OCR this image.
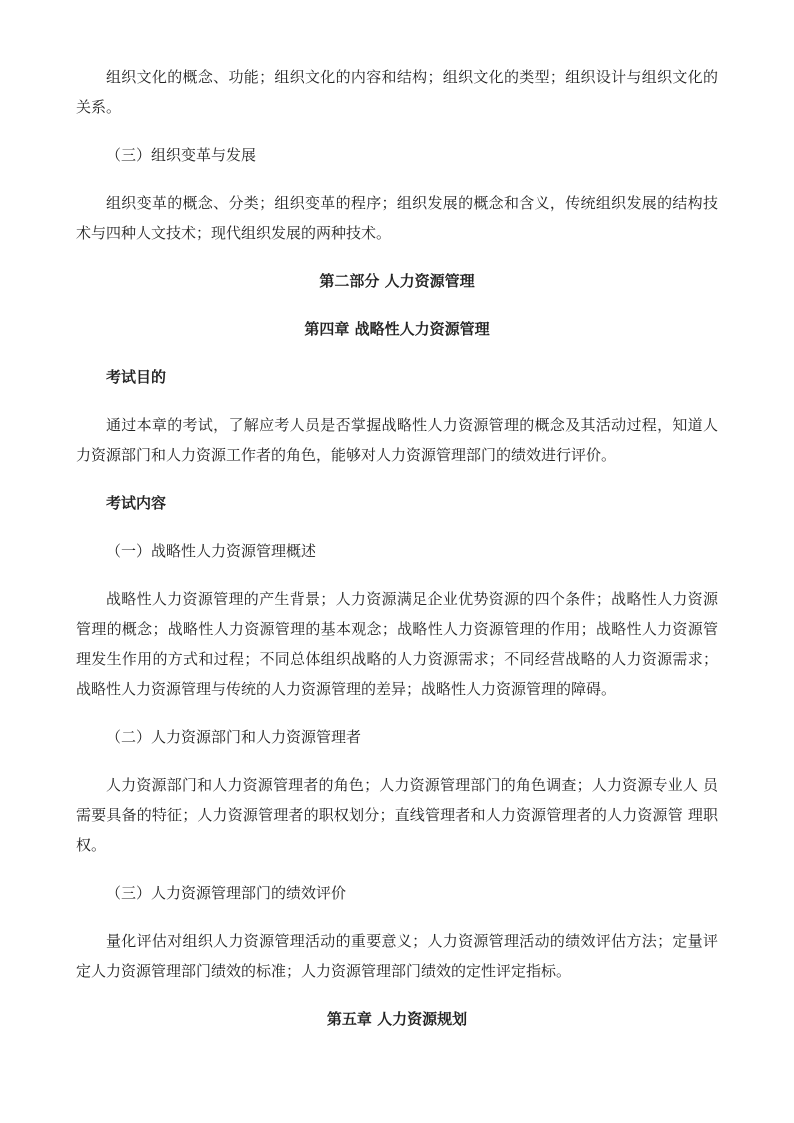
组织文化的概念、功能；组织文化的内容和结构；组织文化的类型；组织设计与组织文化的关系。

（三）组织变革与发展

组织变革的概念、分类；组织变革的程序；组织发展的概念和含义，传统组织发展的结构技术与四种人文技术；现代组织发展的两种技术。

第二部分 人力资源管理

第四章 战略性人力资源管理

考试目的

通过本章的考试，了解应考人员是否掌握战略性人力资源管理的概念及其活动过程，知道人力资源部门和人力资源工作者的角色，能够对人力资源管理部门的绩效进行评价。

考试内容

（一）战略性人力资源管理概述

战略性人力资源管理的产生背景；人力资源满足企业优势资源的四个条件；战略性人力资源管理的概念；战略性人力资源管理的基本观念；战略性人力资源管理的作用；战略性人力资源管理发生作用的方式和过程；不同总体组织战略的人力资源需求；不同经营战略的人力资源需求；战略性人力资源管理与传统的人力资源管理的差异；战略性人力资源管理的障碍。

（二）人力资源部门和人力资源管理者

人力资源部门和人力资源管理者的角色；人力资源管理部门的角色调查；人力资源专业人 员需要具备的特征；人力资源管理者的职权划分；直线管理者和人力资源管理者的人力资源管 理职权。

（三）人力资源管理部门的绩效评价

量化评估对组织人力资源管理活动的重要意义；人力资源管理活动的绩效评估方法；定量评定人力资源管理部门绩效的标准；人力资源管理部门绩效的定性评定指标。

第五章 人力资源规划
